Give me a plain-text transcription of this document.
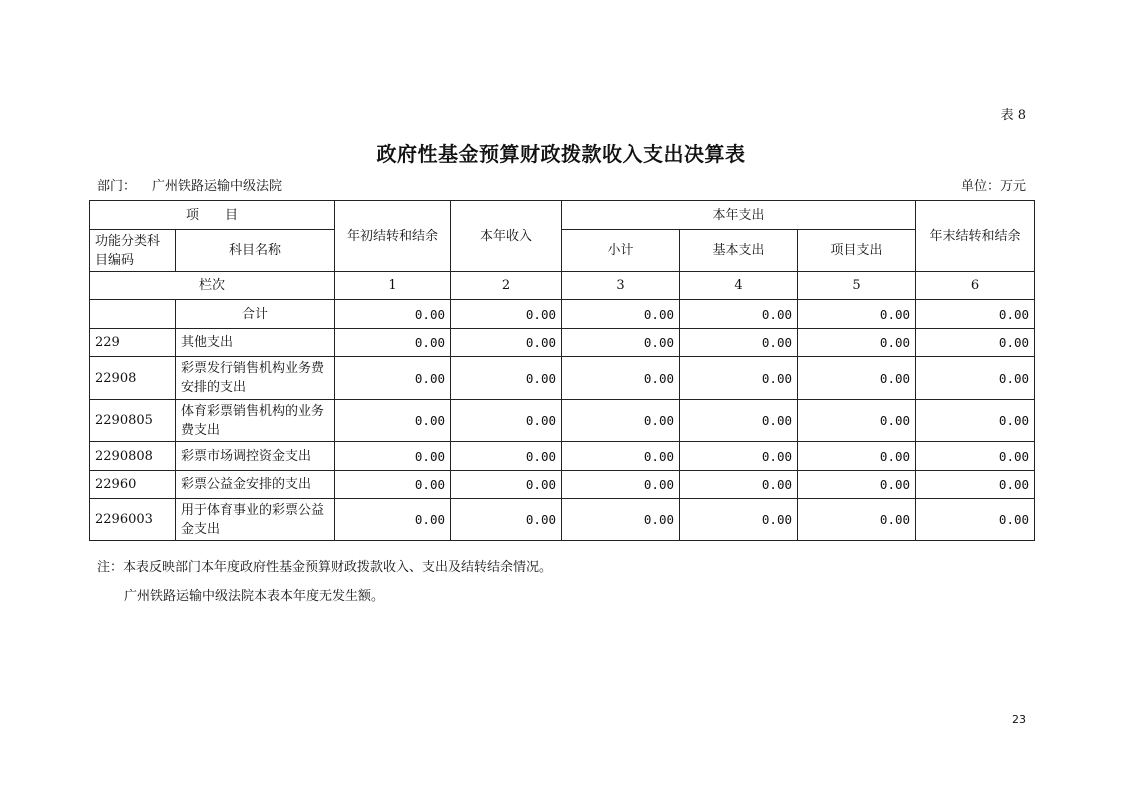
表 8
政府性基金预算财政拨款收入支出决算表
部门： 广州铁路运输中级法院	单位：万元
项　　目		年初结转和结余	本年收入	本年支出			年末结转和结余
功能分类科目编码	科目名称			小计	基本支出	项目支出	
栏次		1	2	3	4	5	6
	合计	0.00	0.00	0.00	0.00	0.00	0.00
229	其他支出	0.00	0.00	0.00	0.00	0.00	0.00
22908	彩票发行销售机构业务费安排的支出	0.00	0.00	0.00	0.00	0.00	0.00
2290805	体育彩票销售机构的业务费支出	0.00	0.00	0.00	0.00	0.00	0.00
2290808	彩票市场调控资金支出	0.00	0.00	0.00	0.00	0.00	0.00
22960	彩票公益金安排的支出	0.00	0.00	0.00	0.00	0.00	0.00
2296003	用于体育事业的彩票公益金支出	0.00	0.00	0.00	0.00	0.00	0.00
注：本表反映部门本年度政府性基金预算财政拨款收入、支出及结转结余情况。
广州铁路运输中级法院本表本年度无发生额。
23
